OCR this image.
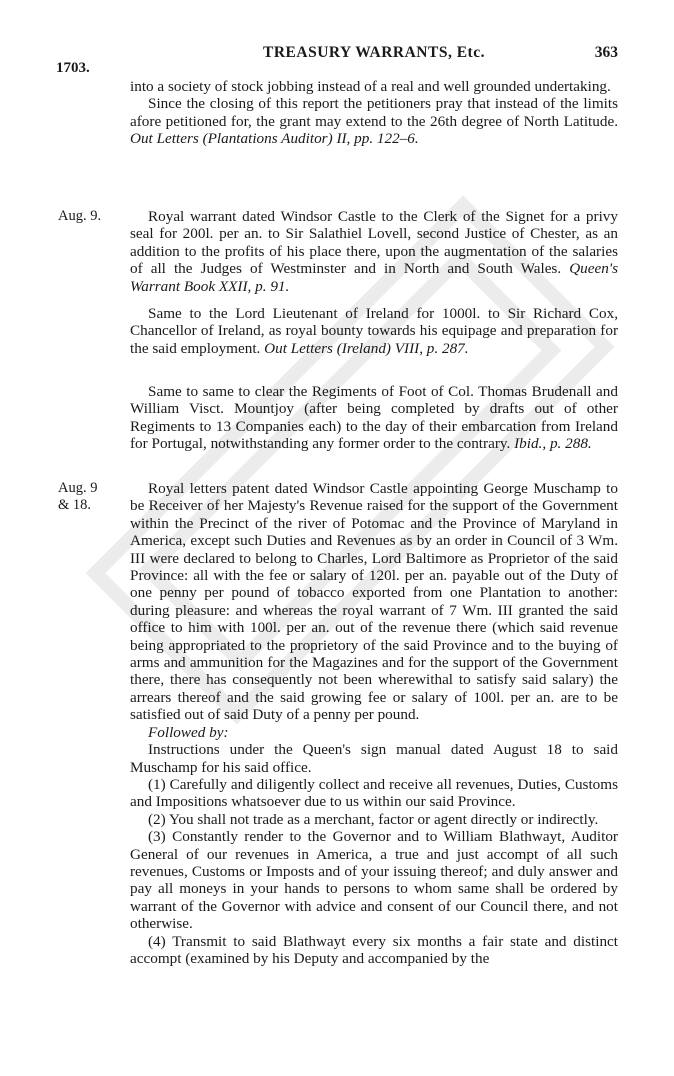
TREASURY WARRANTS, Etc.	363
1703.

into a society of stock jobbing instead of a real and well grounded undertaking.

Since the closing of this report the petitioners pray that instead of the limits afore petitioned for, the grant may extend to the 26th degree of North Latitude. Out Letters (Plantations Auditor) II, pp. 122–6.

Aug. 9.	Royal warrant dated Windsor Castle to the Clerk of the Signet for a privy seal for 200l. per an. to Sir Salathiel Lovell, second Justice of Chester, as an addition to the profits of his place there, upon the augmentation of the salaries of all the Judges of Westminster and in North and South Wales. Queen's Warrant Book XXII, p. 91.

Same to the Lord Lieutenant of Ireland for 1000l. to Sir Richard Cox, Chancellor of Ireland, as royal bounty towards his equipage and preparation for the said employment. Out Letters (Ireland) VIII, p. 287.

Same to same to clear the Regiments of Foot of Col. Thomas Brudenall and William Visct. Mountjoy (after being completed by drafts out of other Regiments to 13 Companies each) to the day of their embarcation from Ireland for Portugal, notwithstanding any former order to the contrary. Ibid., p. 288.

Aug. 9
& 18.

Royal letters patent dated Windsor Castle appointing George Muschamp to be Receiver of her Majesty's Revenue raised for the support of the Government within the Precinct of the river of Potomac and the Province of Maryland in America, except such Duties and Revenues as by an order in Council of 3 Wm. III were declared to belong to Charles, Lord Baltimore as Proprietor of the said Province: all with the fee or salary of 120l. per an. payable out of the Duty of one penny per pound of tobacco exported from one Plantation to another: during pleasure: and whereas the royal warrant of 7 Wm. III granted the said office to him with 100l. per an. out of the revenue there (which said revenue being appropriated to the proprietory of the said Province and to the buying of arms and ammunition for the Magazines and for the support of the Government there, there has consequently not been wherewithal to satisfy said salary) the arrears thereof and the said growing fee or salary of 100l. per an. are to be satisfied out of said Duty of a penny per pound.

Followed by:

Instructions under the Queen's sign manual dated August 18 to said Muschamp for his said office.

(1) Carefully and diligently collect and receive all revenues, Duties, Customs and Impositions whatsoever due to us within our said Province.

(2) You shall not trade as a merchant, factor or agent directly or indirectly.

(3) Constantly render to the Governor and to William Blathwayt, Auditor General of our revenues in America, a true and just accompt of all such revenues, Customs or Imposts and of your issuing thereof; and duly answer and pay all moneys in your hands to persons to whom same shall be ordered by warrant of the Governor with advice and consent of our Council there, and not otherwise.

(4) Transmit to said Blathwayt every six months a fair state and distinct accompt (examined by his Deputy and accompanied by the
